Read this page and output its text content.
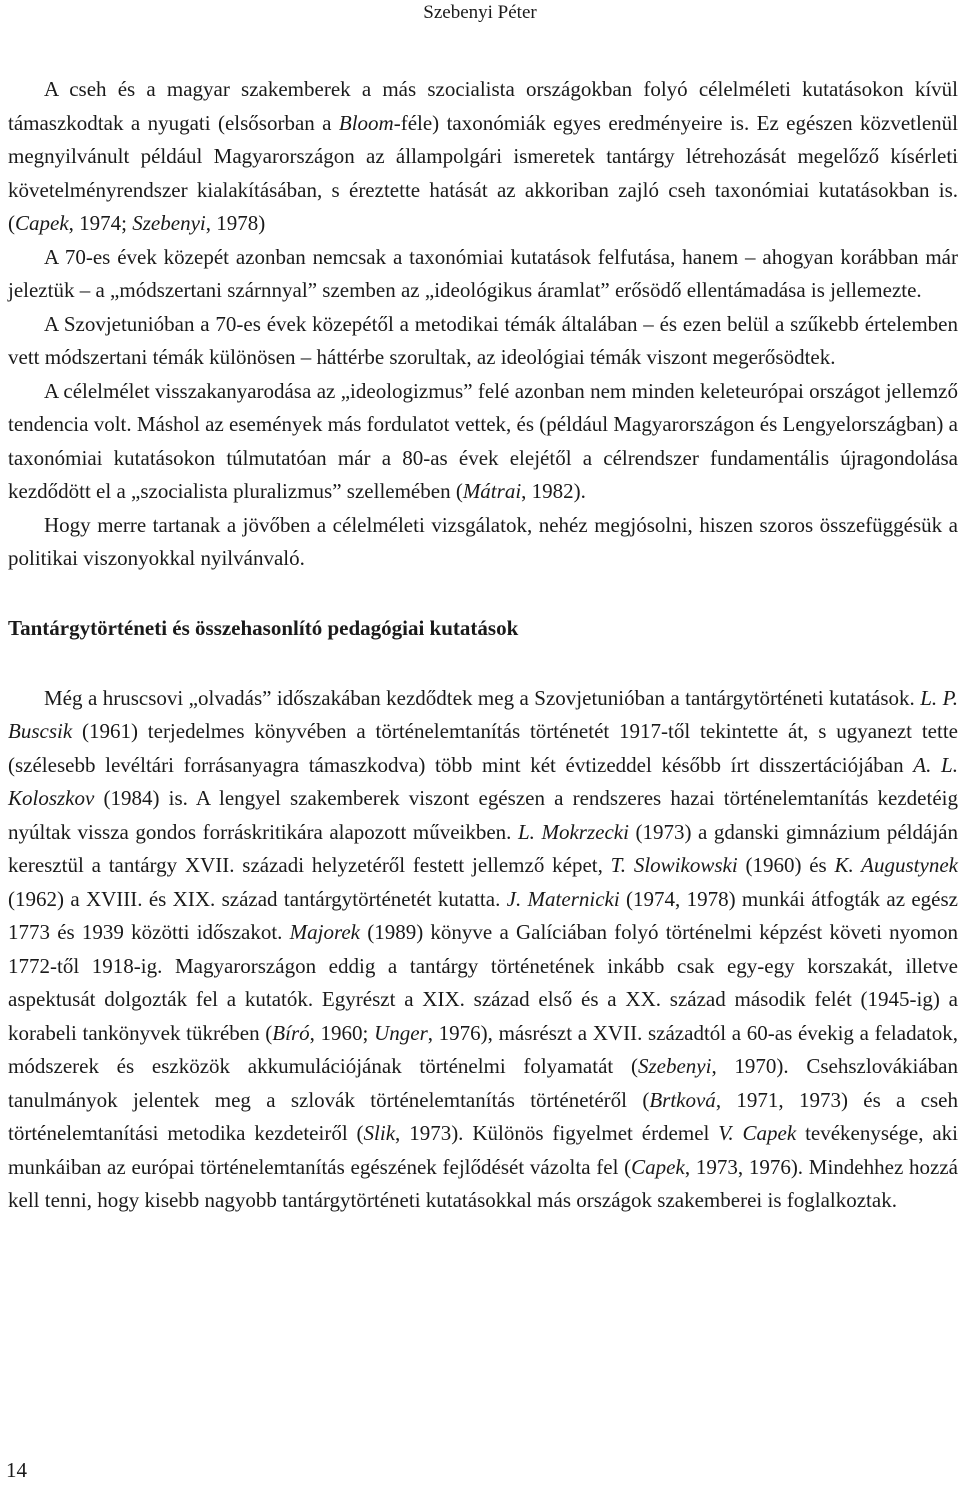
Szebenyi Péter

A cseh és a magyar szakemberek a más szocialista országokban folyó célelméleti kutatásokon kívül támaszkodtak a nyugati (elsősorban a Bloom-féle) taxonómiák egyes eredményeire is. Ez egészen közvetlenül megnyilvánult például Magyarországon az állampolgári ismeretek tantárgy létrehozását megelőző kísérleti követelményrendszer kialakításában, s éreztette hatását az akkoriban zajló cseh taxonómiai kutatásokban is. (Capek, 1974; Szebenyi, 1978)

A 70-es évek közepét azonban nemcsak a taxonómiai kutatások felfutása, hanem – ahogyan korábban már jeleztük – a „módszertani szárnnyal” szemben az „ideológikus áramlat” erősödő ellentámadása is jellemezte.

A Szovjetunióban a 70-es évek közepétől a metodikai témák általában – és ezen belül a szűkebb értelemben vett módszertani témák különösen – háttérbe szorultak, az ideológiai témák viszont megerősödtek.

A célelmélet visszakanyarodása az „ideologizmus” felé azonban nem minden keleteurópai országot jellemző tendencia volt. Máshol az események más fordulatot vettek, és (például Magyarországon és Lengyelországban) a taxonómiai kutatásokon túlmutatóan már a 80-as évek elejétől a célrendszer fundamentális újragondolása kezdődött el a „szocialista pluralizmus” szellemében (Mátrai, 1982).

Hogy merre tartanak a jövőben a célelméleti vizsgálatok, nehéz megjósolni, hiszen szoros összefüggésük a politikai viszonyokkal nyilvánvaló.

Tantárgytörténeti és összehasonlító pedagógiai kutatások

Még a hruscsovi „olvadás” időszakában kezdődtek meg a Szovjetunióban a tantárgytörténeti kutatások. L. P. Buscsik (1961) terjedelmes könyvében a történelemtanítás történetét 1917-től tekintette át, s ugyanezt tette (szélesebb levéltári forrásanyagra támaszkodva) több mint két évtizeddel később írt disszertációjában A. L. Koloszkov (1984) is. A lengyel szakemberek viszont egészen a rendszeres hazai történelemtanítás kezdetéig nyúltak vissza gondos forráskritikára alapozott műveikben. L. Mokrzecki (1973) a gdanski gimnázium példáján keresztül a tantárgy XVII. századi helyzetéről festett jellemző képet, T. Slowikowski (1960) és K. Augustynek (1962) a XVIII. és XIX. század tantárgytörténetét kutatta. J. Maternicki (1974, 1978) munkái átfogták az egész 1773 és 1939 közötti időszakot. Majorek (1989) könyve a Galíciában folyó történelmi képzést követi nyomon 1772-től 1918-ig. Magyarországon eddig a tantárgy történetének inkább csak egy-egy korszakát, illetve aspektusát dolgozták fel a kutatók. Egyrészt a XIX. század első és a XX. század második felét (1945-ig) a korabeli tankönyvek tükrében (Bíró, 1960; Unger, 1976), másrészt a XVII. századtól a 60-as évekig a feladatok, módszerek és eszközök akkumulációjának történelmi folyamatát (Szebenyi, 1970). Csehszlovákiában tanulmányok jelentek meg a szlovák történelemtanítás történetéről (Brtková, 1971, 1973) és a cseh történelemtanítási metodika kezdeteiről (Slik, 1973). Különös figyelmet érdemel V. Capek tevékenysége, aki munkáiban az európai történelemtanítás egészének fejlődését vázolta fel (Capek, 1973, 1976). Mindehhez hozzá kell tenni, hogy kisebb nagyobb tantárgytörténeti kutatásokkal más országok szakemberei is foglalkoztak.

14
